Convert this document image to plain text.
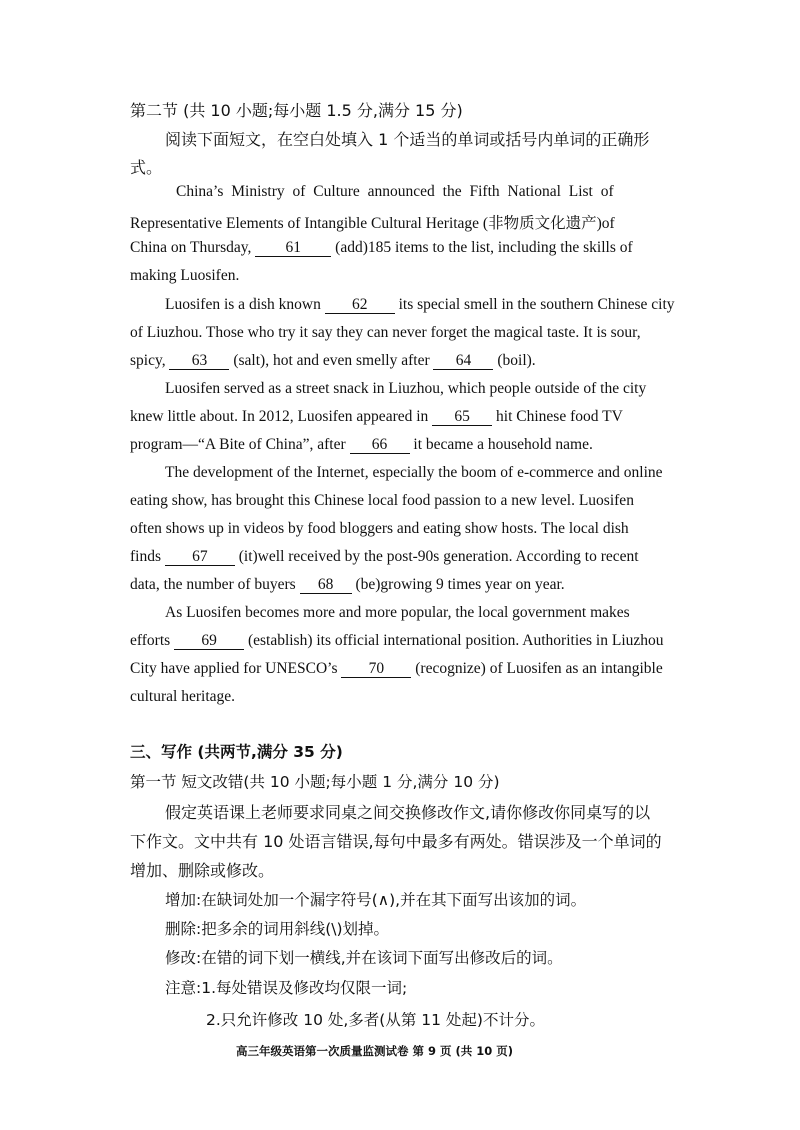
第二节 (共 10 小题;每小题 1.5 分,满分 15 分)
阅读下面短文，在空白处填入 1 个适当的单词或括号内单词的正确形
式。
China’s Ministry of Culture announced the Fifth National List of
Representative Elements of Intangible Cultural Heritage (非物质文化遗产)of
China on Thursday, 61 (add)185 items to the list, including the skills of
making Luosifen.
Luosifen is a dish known 62 its special smell in the southern Chinese city
of Liuzhou. Those who try it say they can never forget the magical taste. It is sour,
spicy, 63 (salt), hot and even smelly after 64 (boil).
Luosifen served as a street snack in Liuzhou, which people outside of the city
knew little about. In 2012, Luosifen appeared in 65 hit Chinese food TV
program—“A Bite of China”, after 66 it became a household name.
The development of the Internet, especially the boom of e-commerce and online
eating show, has brought this Chinese local food passion to a new level. Luosifen
often shows up in videos by food bloggers and eating show hosts. The local dish
finds 67 (it)well received by the post-90s generation. According to recent
data, the number of buyers 68 (be)growing 9 times year on year.
As Luosifen becomes more and more popular, the local government makes
efforts 69 (establish) its official international position. Authorities in Liuzhou
City have applied for UNESCO’s 70 (recognize) of Luosifen as an intangible
cultural heritage.
三、写作 (共两节,满分 35 分)
第一节 短文改错(共 10 小题;每小题 1 分,满分 10 分)
假定英语课上老师要求同桌之间交换修改作文,请你修改你同桌写的以
下作文。文中共有 10 处语言错误,每句中最多有两处。错误涉及一个单词的
增加、删除或修改。
增加:在缺词处加一个漏字符号(∧),并在其下面写出该加的词。
删除:把多余的词用斜线(\)划掉。
修改:在错的词下划一横线,并在该词下面写出修改后的词。
注意:1.每处错误及修改均仅限一词;
2.只允许修改 10 处,多者(从第 11 处起)不计分。
高三年级英语第一次质量监测试卷 第 9 页 (共 10 页)
